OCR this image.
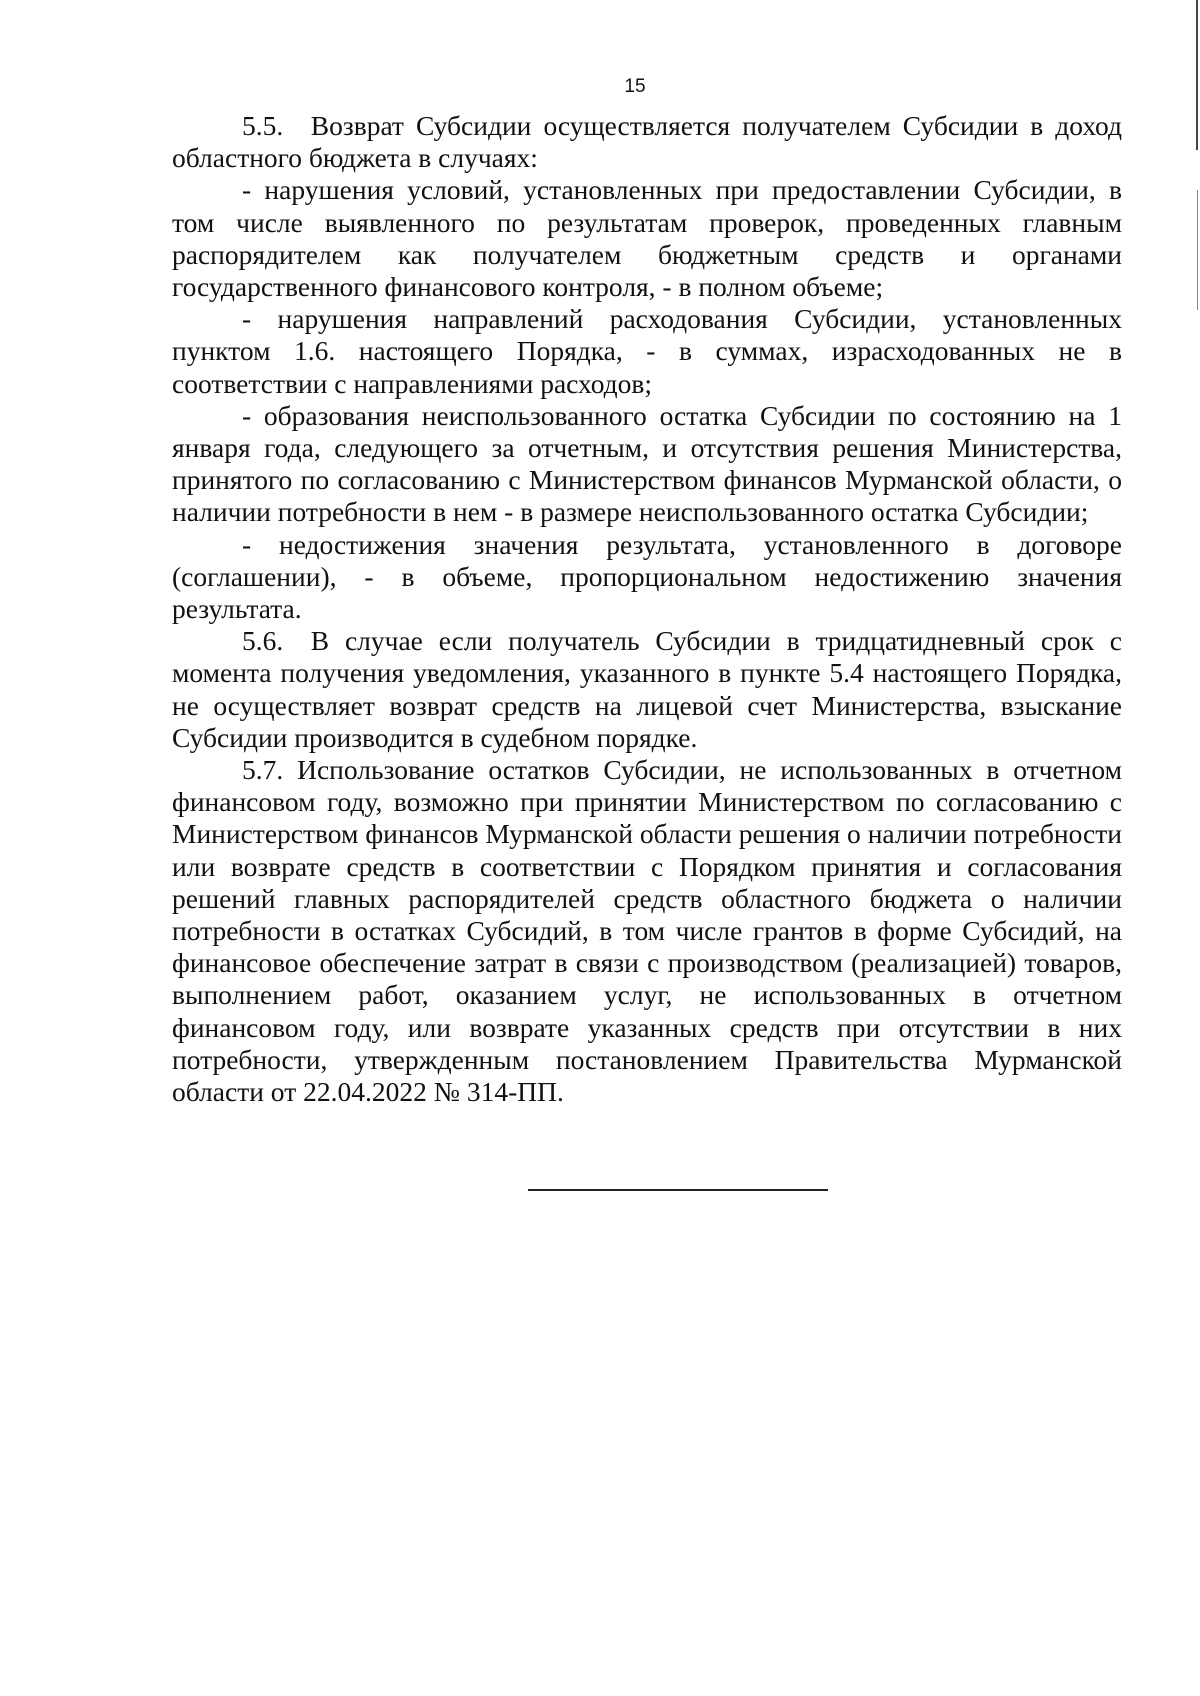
15

5.5. Возврат Субсидии осуществляется получателем Субсидии в доход областного бюджета в случаях:

- нарушения условий, установленных при предоставлении Субсидии, в том числе выявленного по результатам проверок, проведенных главным распорядителем как получателем бюджетным средств и органами государственного финансового контроля, - в полном объеме;

- нарушения направлений расходования Субсидии, установленных пунктом 1.6. настоящего Порядка, - в суммах, израсходованных не в соответствии с направлениями расходов;

- образования неиспользованного остатка Субсидии по состоянию на 1 января года, следующего за отчетным, и отсутствия решения Министерства, принятого по согласованию с Министерством финансов Мурманской области, о наличии потребности в нем - в размере неиспользованного остатка Субсидии;

- недостижения значения результата, установленного в договоре (соглашении), - в объеме, пропорциональном недостижению значения результата.

5.6. В случае если получатель Субсидии в тридцатидневный срок с момента получения уведомления, указанного в пункте 5.4 настоящего Порядка, не осуществляет возврат средств на лицевой счет Министерства, взыскание Субсидии производится в судебном порядке.

5.7. Использование остатков Субсидии, не использованных в отчетном финансовом году, возможно при принятии Министерством по согласованию с Министерством финансов Мурманской области решения о наличии потребности или возврате средств в соответствии с Порядком принятия и согласования решений главных распорядителей средств областного бюджета о наличии потребности в остатках Субсидий, в том числе грантов в форме Субсидий, на финансовое обеспечение затрат в связи с производством (реализацией) товаров, выполнением работ, оказанием услуг, не использованных в отчетном финансовом году, или возврате указанных средств при отсутствии в них потребности, утвержденным постановлением Правительства Мурманской области от 22.04.2022 № 314-ПП.
